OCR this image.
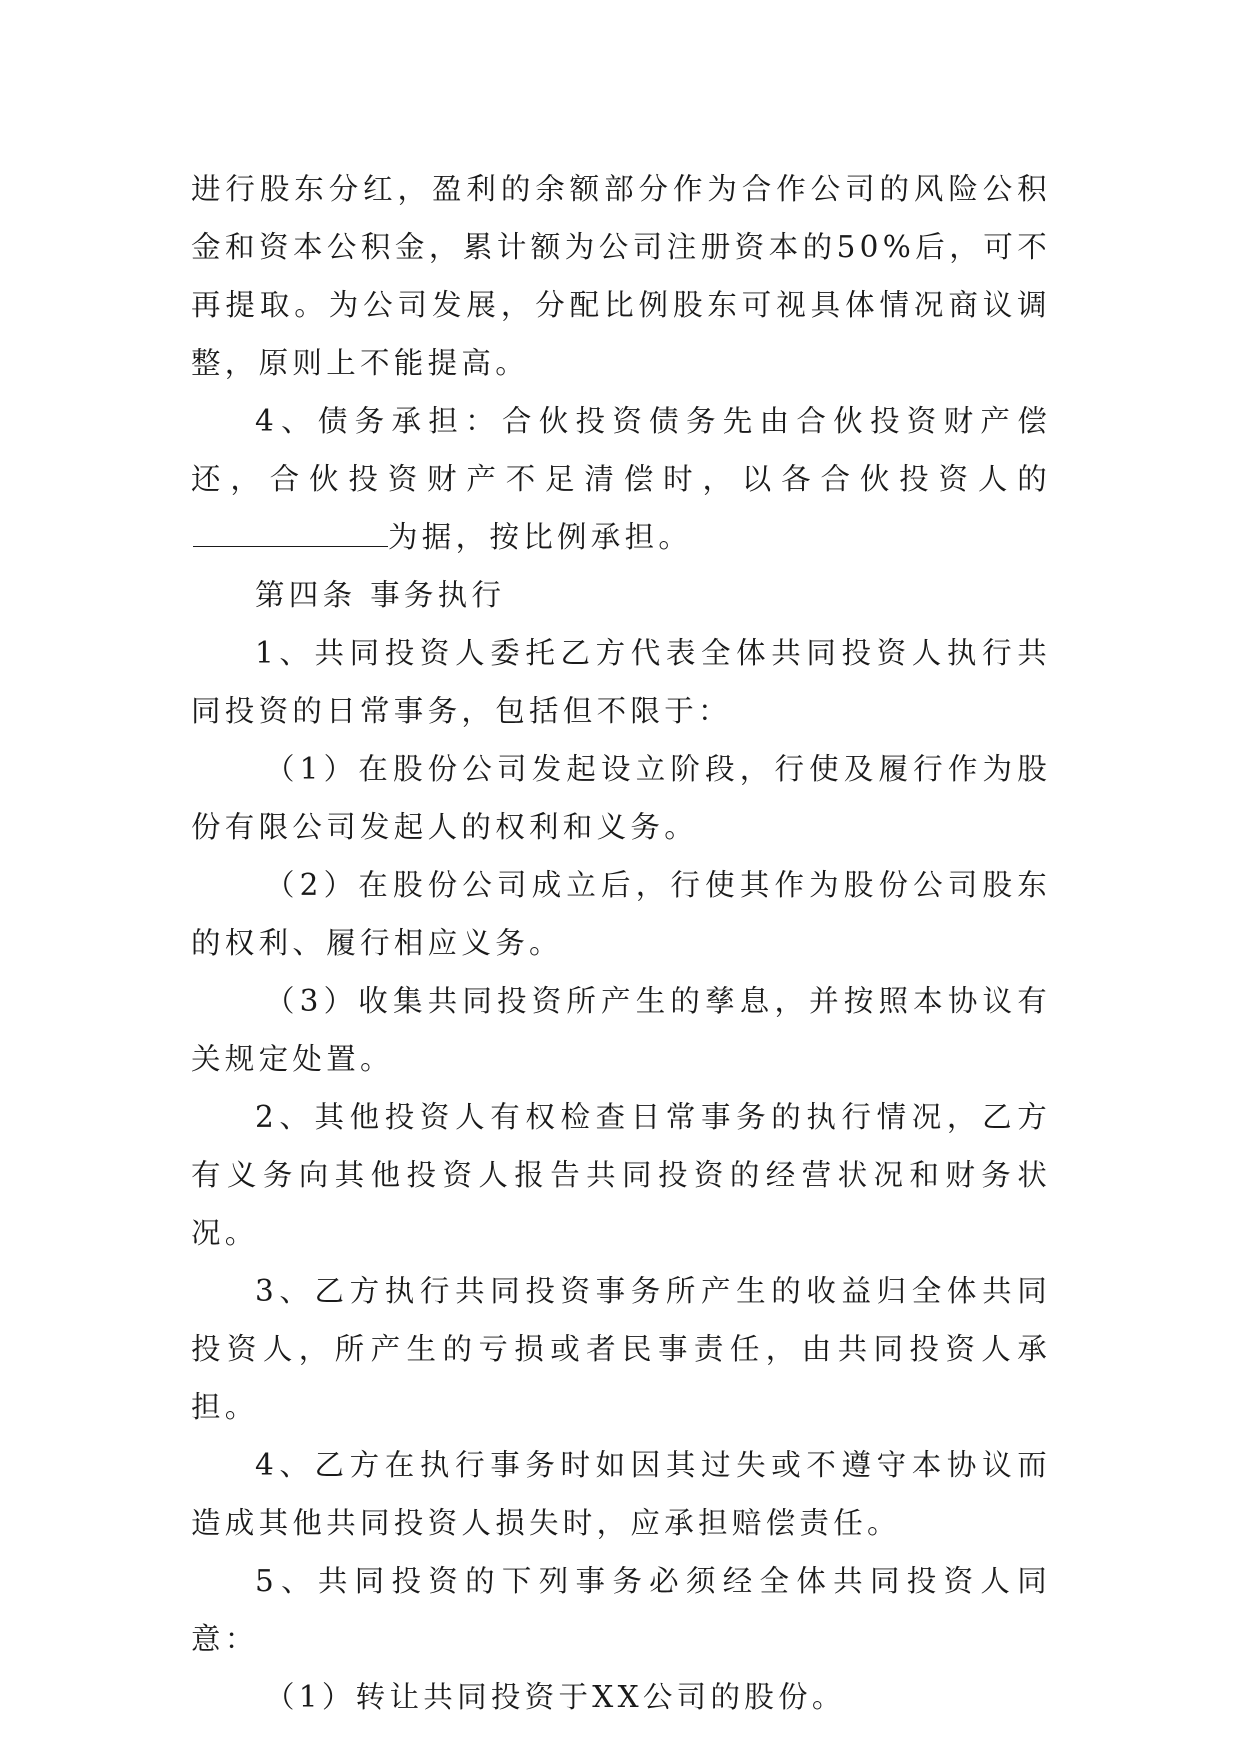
进行股东分红，盈利的余额部分作为合作公司的风险公积金和资本公积金，累计额为公司注册资本的50%后，可不再提取。为公司发展，分配比例股东可视具体情况商议调整，原则上不能提高。

4、债务承担：合伙投资债务先由合伙投资财产偿还，合伙投资财产不足清偿时，以各合伙投资人的为据，按比例承担。

第四条 事务执行

1、共同投资人委托乙方代表全体共同投资人执行共同投资的日常事务，包括但不限于：

（1）在股份公司发起设立阶段，行使及履行作为股份有限公司发起人的权利和义务。

（2）在股份公司成立后，行使其作为股份公司股东的权利、履行相应义务。

（3）收集共同投资所产生的孳息，并按照本协议有关规定处置。

2、其他投资人有权检查日常事务的执行情况，乙方有义务向其他投资人报告共同投资的经营状况和财务状况。

3、乙方执行共同投资事务所产生的收益归全体共同投资人，所产生的亏损或者民事责任，由共同投资人承担。

4、乙方在执行事务时如因其过失或不遵守本协议而造成其他共同投资人损失时，应承担赔偿责任。

5、共同投资的下列事务必须经全体共同投资人同意：

（1）转让共同投资于XX公司的股份。
